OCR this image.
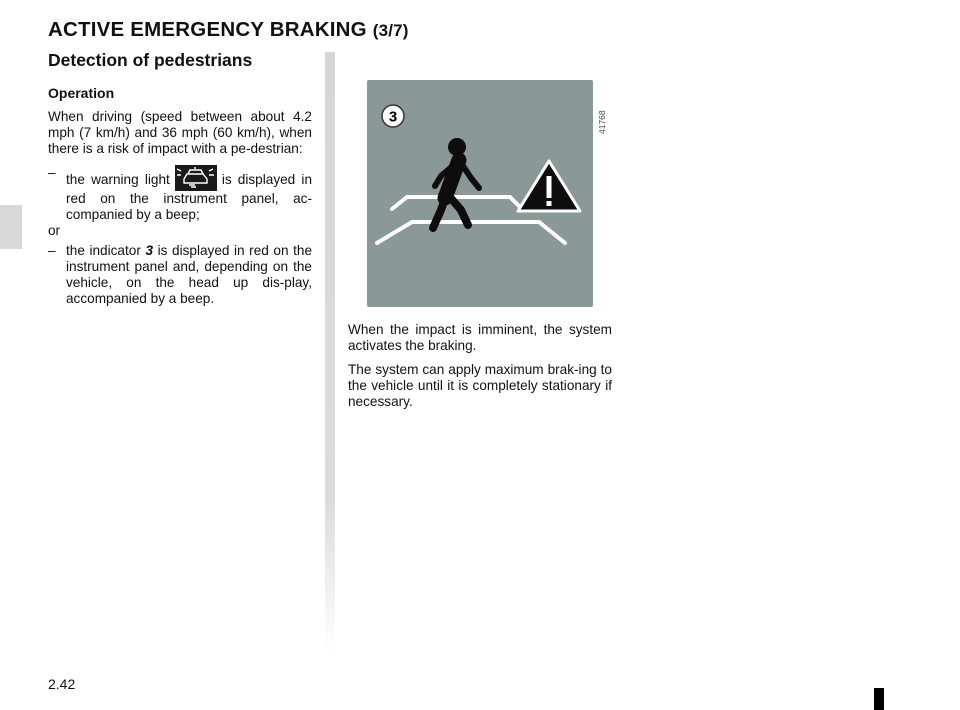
ACTIVE EMERGENCY BRAKING (3/7)
Detection of pedestrians
Operation

When driving (speed between about 4.2 mph (7 km/h) and 36 mph (60 km/h), when there is a risk of impact with a pe-destrian:

– the warning light	is displayed in red on the instrument panel, ac-companied by a beep;

or

– the indicator 3 is displayed in red on the instrument panel and, depending on the vehicle, on the head up dis-play, accompanied by a beep.
3	41768

When the impact is imminent, the system activates the braking.

The system can apply maximum brak-ing to the vehicle until it is completely stationary if necessary.

2.42
